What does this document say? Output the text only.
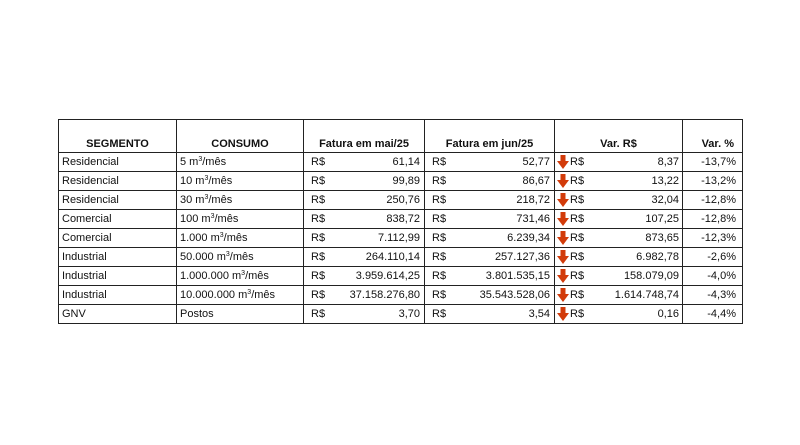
SEGMENTO	CONSUMO	Fatura em mai/25	Fatura em jun/25	Var. R$	Var. %
Residencial	5 $m^3$/mês	R$ 61,14	R$ 52,77	R$ 8,37	-13,7%
Residencial	10 $m^3$/mês	R$ 99,89	R$ 86,67	R$ 13,22	-13,2%
Residencial	30 $m^3$/mês	R$ 250,76	R$ 218,72	R$ 32,04	-12,8%
Comercial	100 $m^3$/mês	R$ 838,72	R$ 731,46	R$ 107,25	-12,8%
Comercial	1.000 $m^3$/mês	R$ 7.112,99	R$ 6.239,34	R$ 873,65	-12,3%
Industrial	50.000 $m^3$/mês	R$ 264.110,14	R$ 257.127,36	R$ 6.982,78	-2,6%
Industrial	1.000.000 $m^3$/mês	R$ 3.959.614,25	R$ 3.801.535,15	R$ 158.079,09	-4,0%
Industrial	10.000.000 $m^3$/mês	R$ 37.158.276,80	R$ 35.543.528,06	R$ 1.614.748,74	-4,3%
GNV	Postos	R$ 3,70	R$ 3,54	R$ 0,16	-4,4%
